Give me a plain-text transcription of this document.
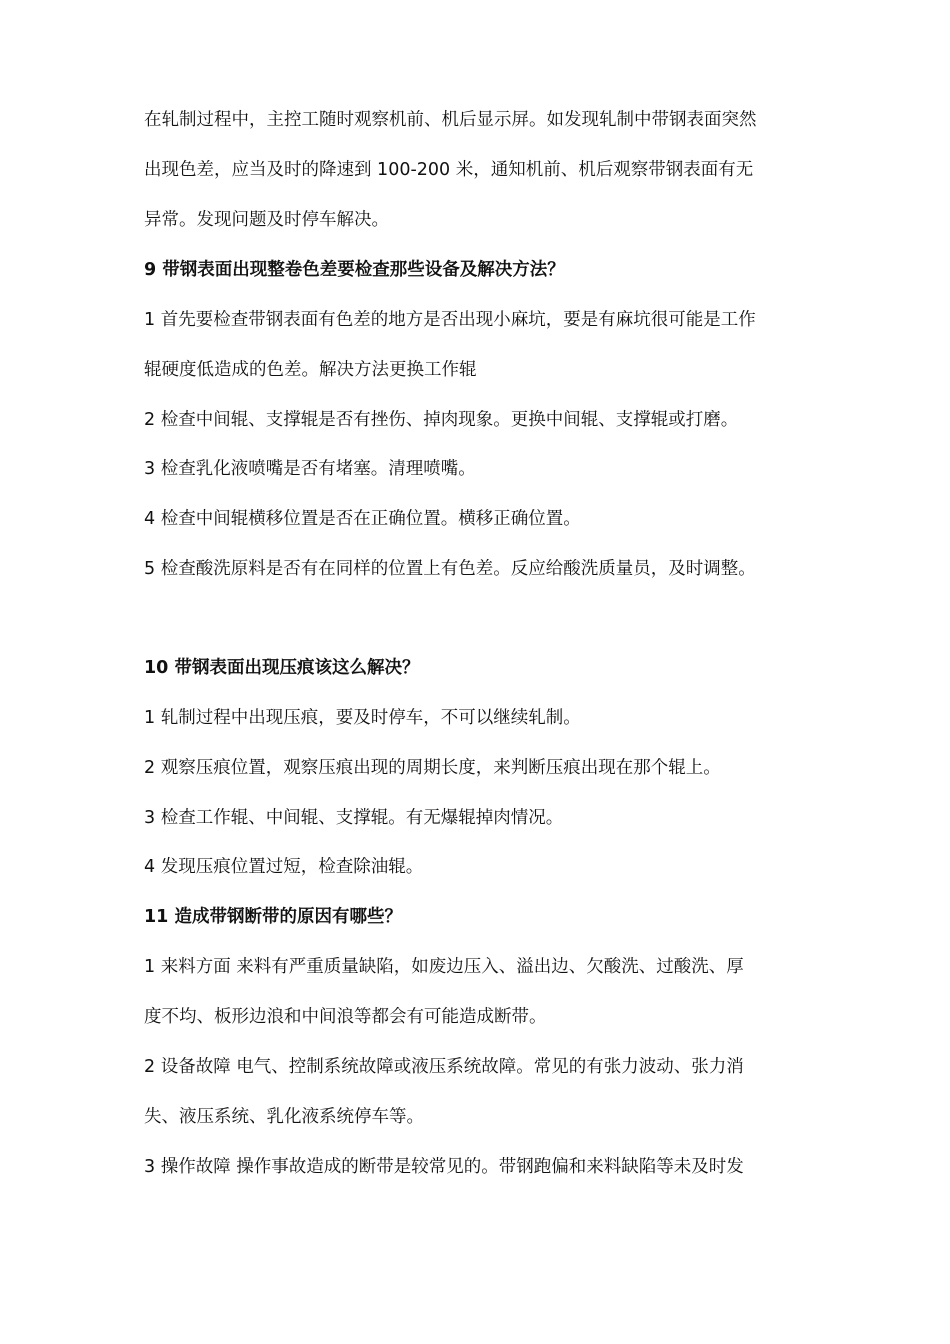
在轧制过程中，主控工随时观察机前、机后显示屏。如发现轧制中带钢表面突然
出现色差，应当及时的降速到 100-200 米，通知机前、机后观察带钢表面有无
异常。发现问题及时停车解决。
9 带钢表面出现整卷色差要检查那些设备及解决方法？
1 首先要检查带钢表面有色差的地方是否出现小麻坑，要是有麻坑很可能是工作
辊硬度低造成的色差。解决方法更换工作辊
2 检查中间辊、支撑辊是否有挫伤、掉肉现象。更换中间辊、支撑辊或打磨。
3 检查乳化液喷嘴是否有堵塞。清理喷嘴。
4 检查中间辊横移位置是否在正确位置。横移正确位置。
5 检查酸洗原料是否有在同样的位置上有色差。反应给酸洗质量员，及时调整。
10 带钢表面出现压痕该这么解决？
1 轧制过程中出现压痕，要及时停车，不可以继续轧制。
2 观察压痕位置，观察压痕出现的周期长度，来判断压痕出现在那个辊上。
3 检查工作辊、中间辊、支撑辊。有无爆辊掉肉情况。
4 发现压痕位置过短，检查除油辊。
11 造成带钢断带的原因有哪些？
1 来料方面 来料有严重质量缺陷，如废边压入、溢出边、欠酸洗、过酸洗、厚
度不均、板形边浪和中间浪等都会有可能造成断带。
2 设备故障 电气、控制系统故障或液压系统故障。常见的有张力波动、张力消
失、液压系统、乳化液系统停车等。
3 操作故障 操作事故造成的断带是较常见的。带钢跑偏和来料缺陷等未及时发
